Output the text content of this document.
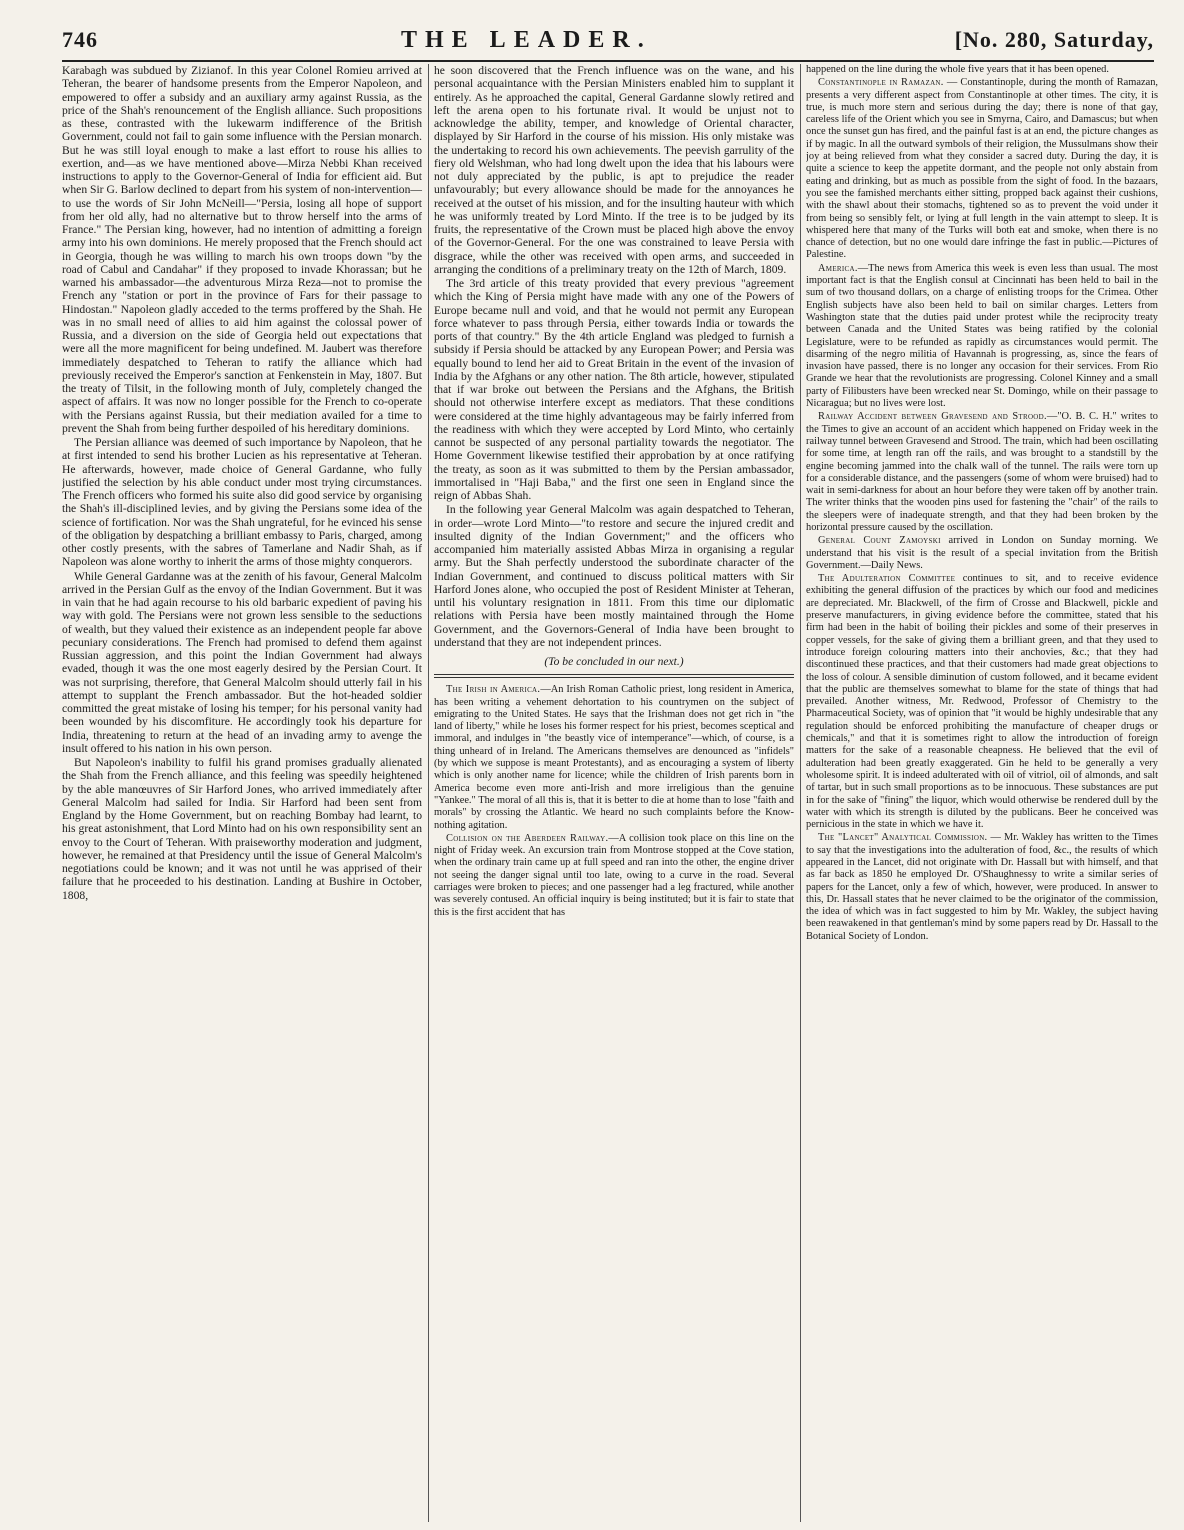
746	THE LEADER.	[No. 280, Saturday,

Karabagh was subdued by Zizianof. In this year Colonel Romieu arrived at Teheran, the bearer of handsome presents from the Emperor Napoleon, and empowered to offer a subsidy and an auxiliary army against Russia, as the price of the Shah's renouncement of the English alliance. Such propositions as these, contrasted with the lukewarm indifference of the British Government, could not fail to gain some influence with the Persian monarch. But he was still loyal enough to make a last effort to rouse his allies to exertion, and—as we have mentioned above—Mirza Nebbi Khan received instructions to apply to the Governor-General of India for efficient aid. But when Sir G. Barlow declined to depart from his system of non-intervention—to use the words of Sir John McNeill—"Persia, losing all hope of support from her old ally, had no alternative but to throw herself into the arms of France." The Persian king, however, had no intention of admitting a foreign army into his own dominions. He merely proposed that the French should act in Georgia, though he was willing to march his own troops down "by the road of Cabul and Candahar" if they proposed to invade Khorassan; but he warned his ambassador—the adventurous Mirza Reza—not to promise the French any "station or port in the province of Fars for their passage to Hindostan." Napoleon gladly acceded to the terms proffered by the Shah. He was in no small need of allies to aid him against the colossal power of Russia, and a diversion on the side of Georgia held out expectations that were all the more magnificent for being undefined. M. Jaubert was therefore immediately despatched to Teheran to ratify the alliance which had previously received the Emperor's sanction at Fenkenstein in May, 1807. But the treaty of Tilsit, in the following month of July, completely changed the aspect of affairs. It was now no longer possible for the French to co-operate with the Persians against Russia, but their mediation availed for a time to prevent the Shah from being further despoiled of his hereditary dominions.

The Persian alliance was deemed of such importance by Napoleon, that he at first intended to send his brother Lucien as his representative at Teheran. He afterwards, however, made choice of General Gardanne, who fully justified the selection by his able conduct under most trying circumstances. The French officers who formed his suite also did good service by organising the Shah's ill-disciplined levies, and by giving the Persians some idea of the science of fortification. Nor was the Shah ungrateful, for he evinced his sense of the obligation by despatching a brilliant embassy to Paris, charged, among other costly presents, with the sabres of Tamerlane and Nadir Shah, as if Napoleon was alone worthy to inherit the arms of those mighty conquerors.

While General Gardanne was at the zenith of his favour, General Malcolm arrived in the Persian Gulf as the envoy of the Indian Government. But it was in vain that he had again recourse to his old barbaric expedient of paving his way with gold. The Persians were not grown less sensible to the seductions of wealth, but they valued their existence as an independent people far above pecuniary considerations. The French had promised to defend them against Russian aggression, and this point the Indian Government had always evaded, though it was the one most eagerly desired by the Persian Court. It was not surprising, therefore, that General Malcolm should utterly fail in his attempt to supplant the French ambassador. But the hot-headed soldier committed the great mistake of losing his temper; for his personal vanity had been wounded by his discomfiture. He accordingly took his departure for India, threatening to return at the head of an invading army to avenge the insult offered to his nation in his own person.

But Napoleon's inability to fulfil his grand promises gradually alienated the Shah from the French alliance, and this feeling was speedily heightened by the able manœuvres of Sir Harford Jones, who arrived immediately after General Malcolm had sailed for India. Sir Harford had been sent from England by the Home Government, but on reaching Bombay had learnt, to his great astonishment, that Lord Minto had on his own responsibility sent an envoy to the Court of Teheran. With praiseworthy moderation and judgment, however, he remained at that Presidency until the issue of General Malcolm's negotiations could be known; and it was not until he was apprised of their failure that he proceeded to his destination. Landing at Bushire in October, 1808,

he soon discovered that the French influence was on the wane, and his personal acquaintance with the Persian Ministers enabled him to supplant it entirely. As he approached the capital, General Gardanne slowly retired and left the arena open to his fortunate rival. It would be unjust not to acknowledge the ability, temper, and knowledge of Oriental character, displayed by Sir Harford in the course of his mission. His only mistake was the undertaking to record his own achievements. The peevish garrulity of the fiery old Welshman, who had long dwelt upon the idea that his labours were not duly appreciated by the public, is apt to prejudice the reader unfavourably; but every allowance should be made for the annoyances he received at the outset of his mission, and for the insulting hauteur with which he was uniformly treated by Lord Minto. If the tree is to be judged by its fruits, the representative of the Crown must be placed high above the envoy of the Governor-General. For the one was constrained to leave Persia with disgrace, while the other was received with open arms, and succeeded in arranging the conditions of a preliminary treaty on the 12th of March, 1809.

The 3rd article of this treaty provided that every previous "agreement which the King of Persia might have made with any one of the Powers of Europe became null and void, and that he would not permit any European force whatever to pass through Persia, either towards India or towards the ports of that country." By the 4th article England was pledged to furnish a subsidy if Persia should be attacked by any European Power; and Persia was equally bound to lend her aid to Great Britain in the event of the invasion of India by the Afghans or any other nation. The 8th article, however, stipulated that if war broke out between the Persians and the Afghans, the British should not otherwise interfere except as mediators. That these conditions were considered at the time highly advantageous may be fairly inferred from the readiness with which they were accepted by Lord Minto, who certainly cannot be suspected of any personal partiality towards the negotiator. The Home Government likewise testified their approbation by at once ratifying the treaty, as soon as it was submitted to them by the Persian ambassador, immortalised in "Haji Baba," and the first one seen in England since the reign of Abbas Shah.

In the following year General Malcolm was again despatched to Teheran, in order—wrote Lord Minto—"to restore and secure the injured credit and insulted dignity of the Indian Government;" and the officers who accompanied him materially assisted Abbas Mirza in organising a regular army. But the Shah perfectly understood the subordinate character of the Indian Government, and continued to discuss political matters with Sir Harford Jones alone, who occupied the post of Resident Minister at Teheran, until his voluntary resignation in 1811. From this time our diplomatic relations with Persia have been mostly maintained through the Home Government, and the Governors-General of India have been brought to understand that they are not independent princes.

(To be concluded in our next.)

The Irish in America.—An Irish Roman Catholic priest, long resident in America, has been writing a vehement dehortation to his countrymen on the subject of emigrating to the United States. He says that the Irishman does not get rich in "the land of liberty," while he loses his former respect for his priest, becomes sceptical and immoral, and indulges in "the beastly vice of intemperance"—which, of course, is a thing unheard of in Ireland. The Americans themselves are denounced as "infidels" (by which we suppose is meant Protestants), and as encouraging a system of liberty which is only another name for licence; while the children of Irish parents born in America become even more anti-Irish and more irreligious than the genuine "Yankee." The moral of all this is, that it is better to die at home than to lose "faith and morals" by crossing the Atlantic. We heard no such complaints before the Know-nothing agitation.

Collision on the Aberdeen Railway.—A collision took place on this line on the night of Friday week. An excursion train from Montrose stopped at the Cove station, when the ordinary train came up at full speed and ran into the other, the engine driver not seeing the danger signal until too late, owing to a curve in the road. Several carriages were broken to pieces; and one passenger had a leg fractured, while another was severely contused. An official inquiry is being instituted; but it is fair to state that this is the first accident that has

happened on the line during the whole five years that it has been opened.

Constantinople in Ramazan. — Constantinople, during the month of Ramazan, presents a very different aspect from Constantinople at other times. The city, it is true, is much more stern and serious during the day; there is none of that gay, careless life of the Orient which you see in Smyrna, Cairo, and Damascus; but when once the sunset gun has fired, and the painful fast is at an end, the picture changes as if by magic. In all the outward symbols of their religion, the Mussulmans show their joy at being relieved from what they consider a sacred duty. During the day, it is quite a science to keep the appetite dormant, and the people not only abstain from eating and drinking, but as much as possible from the sight of food. In the bazaars, you see the famished merchants either sitting, propped back against their cushions, with the shawl about their stomachs, tightened so as to prevent the void under it from being so sensibly felt, or lying at full length in the vain attempt to sleep. It is whispered here that many of the Turks will both eat and smoke, when there is no chance of detection, but no one would dare infringe the fast in public.—Pictures of Palestine.

America.—The news from America this week is even less than usual. The most important fact is that the English consul at Cincinnati has been held to bail in the sum of two thousand dollars, on a charge of enlisting troops for the Crimea. Other English subjects have also been held to bail on similar charges. Letters from Washington state that the duties paid under protest while the reciprocity treaty between Canada and the United States was being ratified by the colonial Legislature, were to be refunded as rapidly as circumstances would permit. The disarming of the negro militia of Havannah is progressing, as, since the fears of invasion have passed, there is no longer any occasion for their services. From Rio Grande we hear that the revolutionists are progressing. Colonel Kinney and a small party of Filibusters have been wrecked near St. Domingo, while on their passage to Nicaragua; but no lives were lost.

Railway Accident between Gravesend and Strood.—"O. B. C. H." writes to the Times to give an account of an accident which happened on Friday week in the railway tunnel between Gravesend and Strood. The train, which had been oscillating for some time, at length ran off the rails, and was brought to a standstill by the engine becoming jammed into the chalk wall of the tunnel. The rails were torn up for a considerable distance, and the passengers (some of whom were bruised) had to wait in semi-darkness for about an hour before they were taken off by another train. The writer thinks that the wooden pins used for fastening the "chair" of the rails to the sleepers were of inadequate strength, and that they had been broken by the horizontal pressure caused by the oscillation.

General Count Zamoyski arrived in London on Sunday morning. We understand that his visit is the result of a special invitation from the British Government.—Daily News.

The Adulteration Committee continues to sit, and to receive evidence exhibiting the general diffusion of the practices by which our food and medicines are depreciated. Mr. Blackwell, of the firm of Crosse and Blackwell, pickle and preserve manufacturers, in giving evidence before the committee, stated that his firm had been in the habit of boiling their pickles and some of their preserves in copper vessels, for the sake of giving them a brilliant green, and that they used to introduce foreign colouring matters into their anchovies, &c.; that they had discontinued these practices, and that their customers had made great objections to the loss of colour. A sensible diminution of custom followed, and it became evident that the public are themselves somewhat to blame for the state of things that had prevailed. Another witness, Mr. Redwood, Professor of Chemistry to the Pharmaceutical Society, was of opinion that "it would be highly undesirable that any regulation should be enforced prohibiting the manufacture of cheaper drugs or chemicals," and that it is sometimes right to allow the introduction of foreign matters for the sake of a reasonable cheapness. He believed that the evil of adulteration had been greatly exaggerated. Gin he held to be generally a very wholesome spirit. It is indeed adulterated with oil of vitriol, oil of almonds, and salt of tartar, but in such small proportions as to be innocuous. These substances are put in for the sake of "fining" the liquor, which would otherwise be rendered dull by the water with which its strength is diluted by the publicans. Beer he conceived was pernicious in the state in which we have it.

The "Lancet" Analytical Commission. — Mr. Wakley has written to the Times to say that the investigations into the adulteration of food, &c., the results of which appeared in the Lancet, did not originate with Dr. Hassall but with himself, and that as far back as 1850 he employed Dr. O'Shaughnessy to write a similar series of papers for the Lancet, only a few of which, however, were produced. In answer to this, Dr. Hassall states that he never claimed to be the originator of the commission, the idea of which was in fact suggested to him by Mr. Wakley, the subject having been reawakened in that gentleman's mind by some papers read by Dr. Hassall to the Botanical Society of London.
